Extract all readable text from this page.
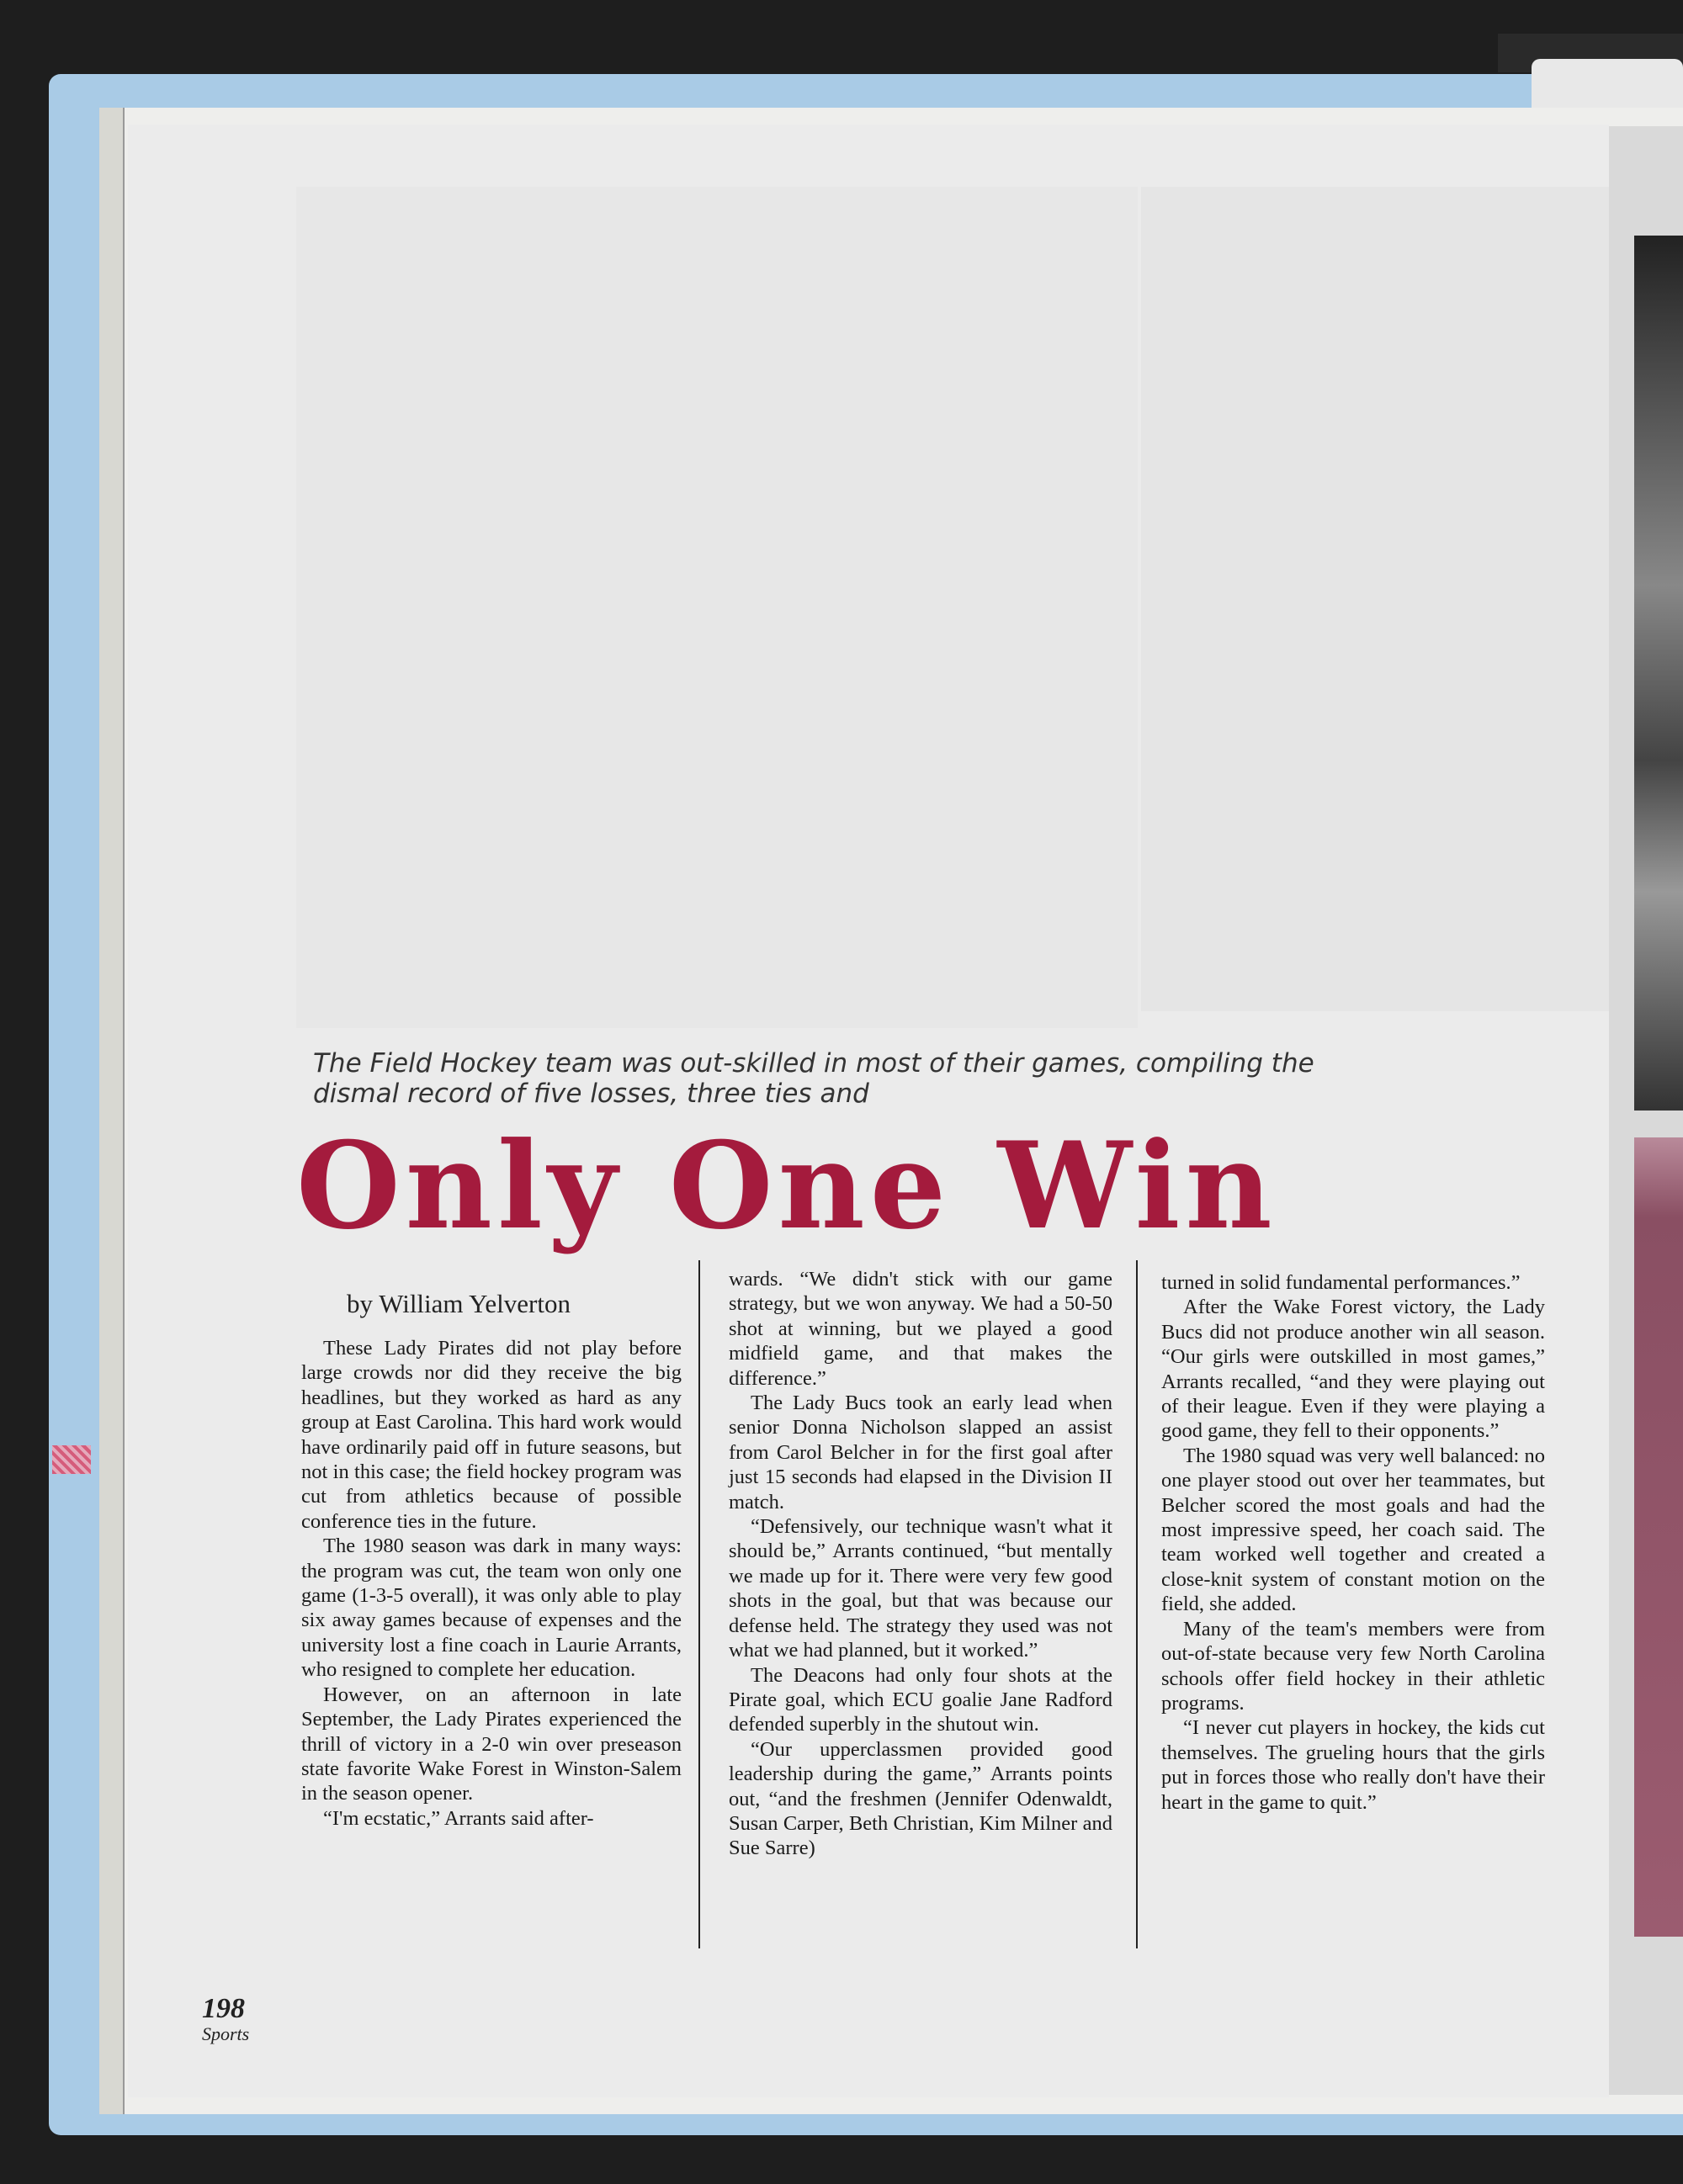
The Field Hockey team was out-skilled in most of their games, compiling the dismal record of five losses, three ties and
Only One Win
by William Yelverton

These Lady Pirates did not play before large crowds nor did they receive the big headlines, but they worked as hard as any group at East Carolina. This hard work would have ordinarily paid off in future seasons, but not in this case; the field hockey program was cut from athletics because of possible conference ties in the future.

The 1980 season was dark in many ways: the program was cut, the team won only one game (1-3-5 overall), it was only able to play six away games because of expenses and the university lost a fine coach in Laurie Arrants, who resigned to complete her education.

However, on an afternoon in late September, the Lady Pirates experienced the thrill of victory in a 2-0 win over preseason state favorite Wake Forest in Winston-Salem in the season opener.

“I'm ecstatic,” Arrants said after-

wards. “We didn't stick with our game strategy, but we won anyway. We had a 50-50 shot at winning, but we played a good midfield game, and that makes the difference.”

The Lady Bucs took an early lead when senior Donna Nicholson slapped an assist from Carol Belcher in for the first goal after just 15 seconds had elapsed in the Division II match.

“Defensively, our technique wasn't what it should be,” Arrants continued, “but mentally we made up for it. There were very few good shots in the goal, but that was because our defense held. The strategy they used was not what we had planned, but it worked.”

The Deacons had only four shots at the Pirate goal, which ECU goalie Jane Radford defended superbly in the shutout win.

“Our upperclassmen provided good leadership during the game,” Arrants points out, “and the freshmen (Jennifer Odenwaldt, Susan Carper, Beth Christian, Kim Milner and Sue Sarre)

turned in solid fundamental performances.”

After the Wake Forest victory, the Lady Bucs did not produce another win all season. “Our girls were outskilled in most games,” Arrants recalled, “and they were playing out of their league. Even if they were playing a good game, they fell to their opponents.”

The 1980 squad was very well balanced: no one player stood out over her teammates, but Belcher scored the most goals and had the most impressive speed, her coach said. The team worked well together and created a close-knit system of constant motion on the field, she added.

Many of the team's members were from out-of-state because very few North Carolina schools offer field hockey in their athletic programs.

“I never cut players in hockey, the kids cut themselves. The grueling hours that the girls put in forces those who really don't have their heart in the game to quit.”

198
Sports
